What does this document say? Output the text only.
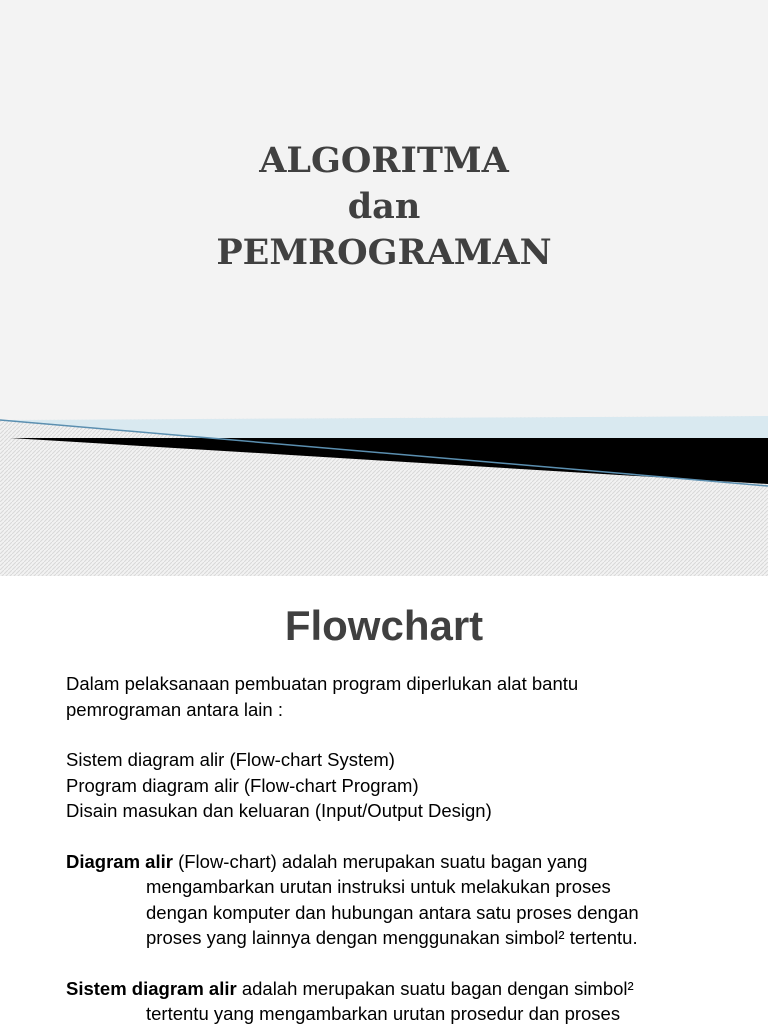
ALGORITMA
dan
PEMROGRAMAN
Flowchart

Dalam pelaksanaan pembuatan program diperlukan alat bantu

pemrograman antara lain :

Sistem diagram alir (Flow-chart System)

Program diagram alir (Flow-chart Program)

Disain masukan dan keluaran (Input/Output Design)

Diagram alir (Flow-chart) adalah merupakan suatu bagan yang

mengambarkan urutan instruksi untuk melakukan proses

dengan komputer dan hubungan antara satu proses dengan

proses yang lainnya dengan menggunakan simbol² tertentu.

Sistem diagram alir adalah merupakan suatu bagan dengan simbol²

tertentu yang mengambarkan urutan prosedur dan proses
